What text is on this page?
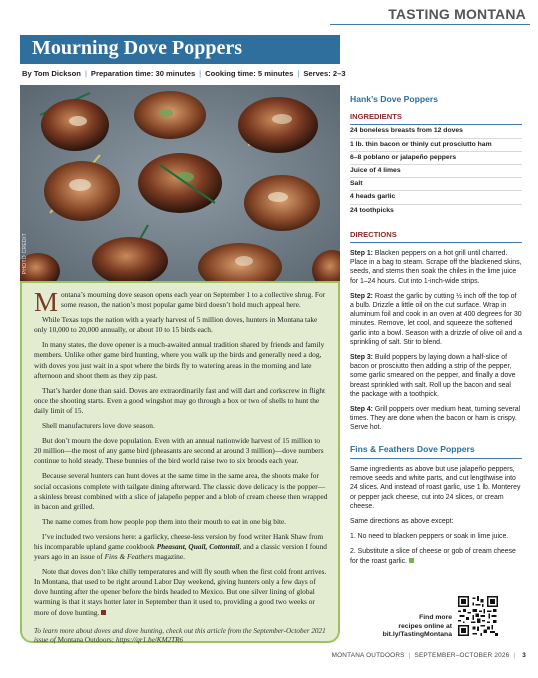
TASTING MONTANA
Mourning Dove Poppers
By Tom Dickson | Preparation time: 30 minutes | Cooking time: 5 minutes | Serves: 2–3
PHOTO CREDIT

Montana’s mourning dove season opens each year on September 1 to a collective shrug. For some reason, the nation’s most popular game bird doesn’t hold much appeal here.

While Texas tops the nation with a yearly harvest of 5 million doves, hunters in Montana take only 10,000 to 20,000 annually, or about 10 to 15 birds each.

In many states, the dove opener is a much-awaited annual tradition shared by friends and family members. Unlike other game bird hunting, where you walk up the birds and generally need a dog, with doves you just wait in a spot where the birds fly to watering areas in the morning and late afternoon and shoot them as they zip past.

That’s harder done than said. Doves are extraordinarily fast and will dart and corkscrew in flight once the shooting starts. Even a good wingshot may go through a box or two of shells to hunt the daily limit of 15.

Shell manufacturers love dove season.

But don’t mourn the dove population. Even with an annual nationwide harvest of 15 million to 20 million—the most of any game bird (pheasants are second at around 3 million)—dove numbers continue to hold steady. These bunnies of the bird world raise two to six broods each year.

Because several hunters can hunt doves at the same time in the same area, the shoots make for social occasions complete with tailgate dining afterward. The classic dove delicacy is the popper—a skinless breast combined with a slice of jalapeño pepper and a blob of cream cheese then wrapped in bacon and grilled.

The name comes from how people pop them into their mouth to eat in one big bite.

I’ve included two versions here: a garlicky, cheese-less version by food writer Hank Shaw from his incomparable upland game cookbook Pheasant, Quail, Cottontail, and a classic version I found years ago in an issue of Fins & Feathers magazine.

Note that doves don’t like chilly temperatures and will fly south when the first cold front arrives. In Montana, that used to be right around Labor Day weekend, giving hunters only a few days of dove hunting after the opener before the birds headed to Mexico. But one silver lining of global warming is that it stays hotter later in September than it used to, providing a good two weeks or more of dove hunting.

To learn more about doves and dove hunting, check out this article from the September-October 2021 issue of Montana Outdoors: https://qr1.be/KM2TR6

Hank’s Dove Poppers
INGREDIENTS
24 boneless breasts from 12 doves
1 lb. thin bacon or thinly cut prosciutto ham
6–8 poblano or jalapeño peppers
Juice of 4 limes
Salt
4 heads garlic
24 toothpicks
DIRECTIONS

Step 1: Blacken peppers on a hot grill until charred. Place in a bag to steam. Scrape off the blackened skins, seeds, and stems then soak the chiles in the lime juice for 1–24 hours. Cut into 1-inch-wide strips.

Step 2: Roast the garlic by cutting ½ inch off the top of a bulb. Drizzle a little oil on the cut surface. Wrap in aluminum foil and cook in an oven at 400 degrees for 30 minutes. Remove, let cool, and squeeze the softened garlic into a bowl. Season with a drizzle of olive oil and a sprinkling of salt. Stir to blend.

Step 3: Build poppers by laying down a half-slice of bacon or prosciutto then adding a strip of the pepper, some garlic smeared on the pepper, and finally a dove breast sprinkled with salt. Roll up the bacon and seal the package with a toothpick.

Step 4: Grill poppers over medium heat, turning several times. They are done when the bacon or ham is crispy. Serve hot.

Fins & Feathers Dove Poppers

Same ingredients as above but use jalapeño peppers, remove seeds and white parts, and cut lengthwise into 24 slices. And instead of roast garlic, use 1 lb. Monterey or pepper jack cheese, cut into 24 slices, or cream cheese.

Same directions as above except:

1. No need to blacken peppers or soak in lime juice.

2. Substitute a slice of cheese or gob of cream cheese for the roast garlic.

Find more
recipes online at
bit.ly/TastingMontana
MONTANA OUTDOORS | SEPTEMBER–OCTOBER 2026 | 3
